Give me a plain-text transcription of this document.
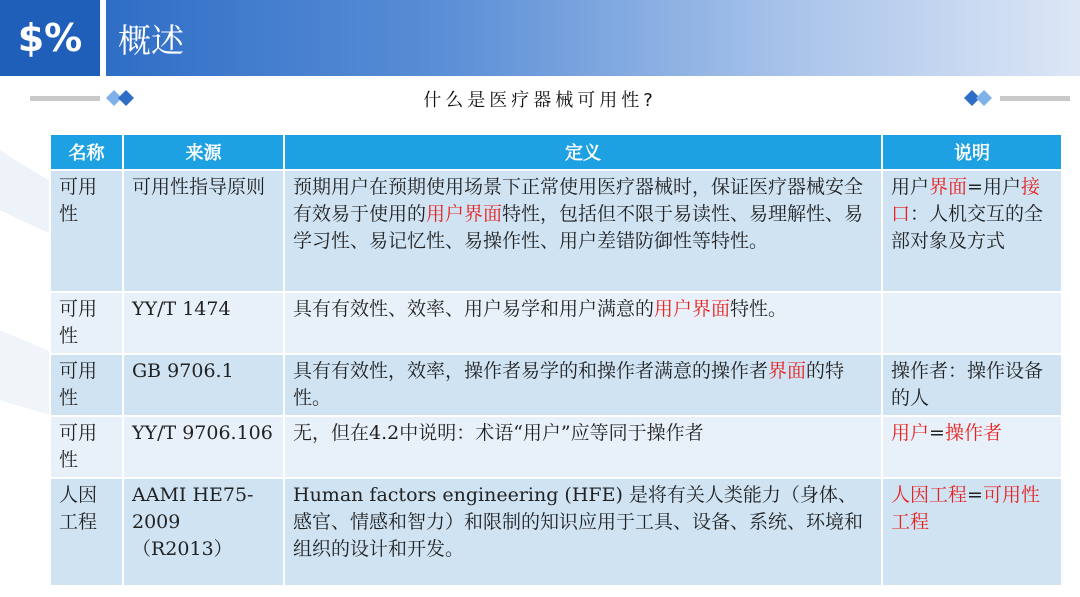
$%	概述
什么是医疗器械可用性?
名称	来源	定义	说明
可用性	可用性指导原则	预期用户在预期使用场景下正常使用医疗器械时，保证医疗器械安全有效易于使用的用户界面特性，包括但不限于易读性、易理解性、易学习性、易记忆性、易操作性、用户差错防御性等特性。	用户界面=用户接口：人机交互的全部对象及方式
可用性	YY/T 1474	具有有效性、效率、用户易学和用户满意的用户界面特性。	
可用性	GB 9706.1	具有有效性，效率，操作者易学的和操作者满意的操作者界面的特性。	操作者：操作设备的人
可用性	YY/T 9706.106	无，但在4.2中说明：术语“用户”应等同于操作者	用户=操作者
人因工程	AAMI HE75-2009 （R2013）	Human factors engineering (HFE) 是将有关人类能力（身体、感官、情感和智力）和限制的知识应用于工具、设备、系统、环境和组织的设计和开发。	人因工程=可用性工程
